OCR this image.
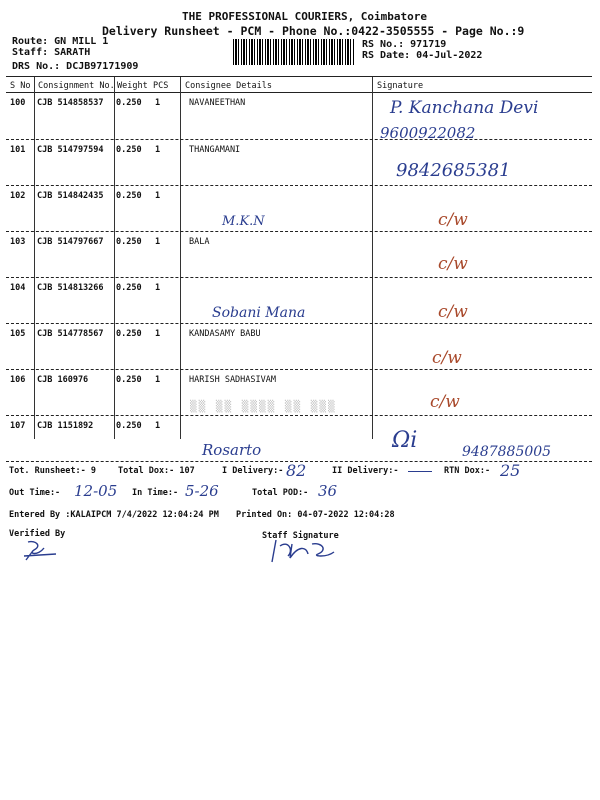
THE PROFESSIONAL COURIERS, Coimbatore
Delivery Runsheet - PCM - Phone No.:0422-3505555 - Page No.:9
Route: GN MILL 1
Staff: SARATH
DRS No.: DCJB97171909
RS No.: 971719
RS Date: 04-Jul-2022
S No Consignment No. Weight PCS Consignee Details	Signature
100 CJB 514858537 0.250 1	NAVANEETHAN	P. Kanchana Devi
9600922082
101 CJB 514797594 0.250 1	THANGAMANI
9842685381
102 CJB 514842435 0.250 1
M.K.N	c/w
103 CJB 514797667 0.250 1	BALA
c/w
104 CJB 514813266 0.250 1
Sobani Mana	c/w
105 CJB 514778567 0.250 1	KANDASAMY BABU
c/w
106 CJB 160976	0.250 1	HARISH SADHASIVAM
▒▒ ▒▒ ▒▒▒▒ ▒▒ ▒▒▒	c/w
107 CJB 1151892	0.250 1
Rosarto	Ωi	9487885005
Tot. Runsheet:- 9	Total Dox:- 107	I Delivery:- 82	II Delivery:-	RTN Dox:- 25
Out Time:- 12-05 In Time:- 5-26	Total POD:- 36
Entered By :KALAIPCM 7/4/2022 12:04:24 PM Printed On: 04-07-2022 12:04:28
Verified By	Staff Signature
